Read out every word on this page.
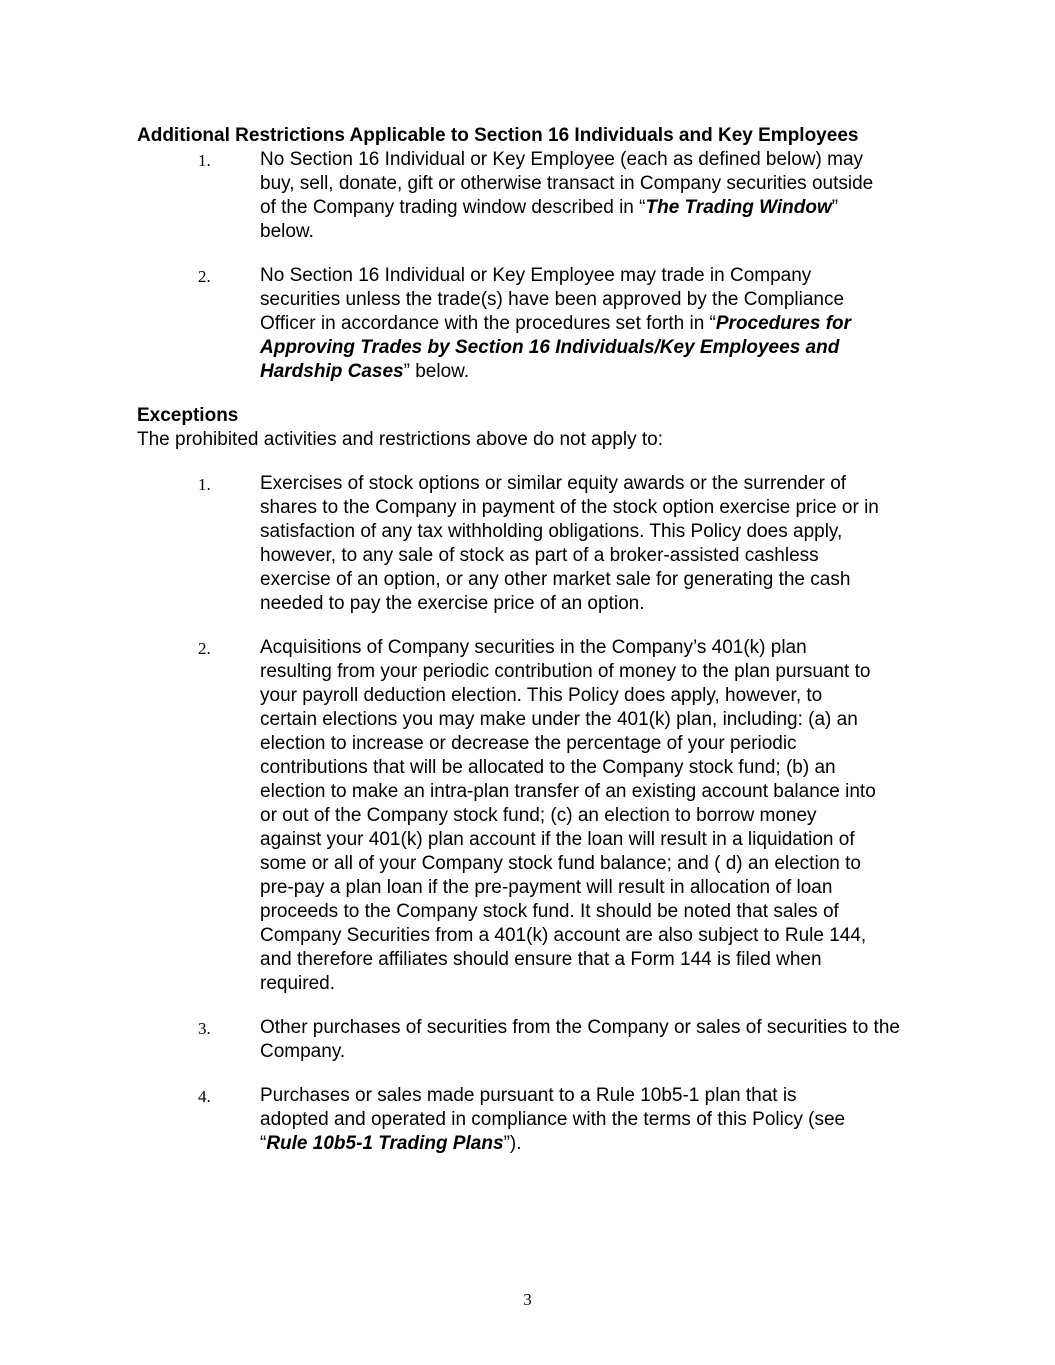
Additional Restrictions Applicable to Section 16 Individuals and Key Employees
1.	No Section 16 Individual or Key Employee (each as defined below) may buy, sell, donate, gift or otherwise transact in Company securities outside of the Company trading window described in “The Trading Window” below.
2.	No Section 16 Individual or Key Employee may trade in Company securities unless the trade(s) have been approved by the Compliance Officer in accordance with the procedures set forth in “Procedures for Approving Trades by Section 16 Individuals/Key Employees and Hardship Cases” below.
Exceptions

The prohibited activities and restrictions above do not apply to:

1.	Exercises of stock options or similar equity awards or the surrender of shares to the Company in payment of the stock option exercise price or in satisfaction of any tax withholding obligations. This Policy does apply, however, to any sale of stock as part of a broker-assisted cashless exercise of an option, or any other market sale for generating the cash needed to pay the exercise price of an option.
2.	Acquisitions of Company securities in the Company’s 401(k) plan resulting from your periodic contribution of money to the plan pursuant to your payroll deduction election. This Policy does apply, however, to certain elections you may make under the 401(k) plan, including: (a) an election to increase or decrease the percentage of your periodic contributions that will be allocated to the Company stock fund; (b) an election to make an intra-plan transfer of an existing account balance into or out of the Company stock fund; (c) an election to borrow money against your 401(k) plan account if the loan will result in a liquidation of some or all of your Company stock fund balance; and ( d) an election to pre-pay a plan loan if the pre-payment will result in allocation of loan proceeds to the Company stock fund. It should be noted that sales of Company Securities from a 401(k) account are also subject to Rule 144, and therefore affiliates should ensure that a Form 144 is filed when required.
3.	Other purchases of securities from the Company or sales of securities to the Company.
4.	Purchases or sales made pursuant to a Rule 10b5-1 plan that is adopted and operated in compliance with the terms of this Policy (see “Rule 10b5-1 Trading Plans”).
3
